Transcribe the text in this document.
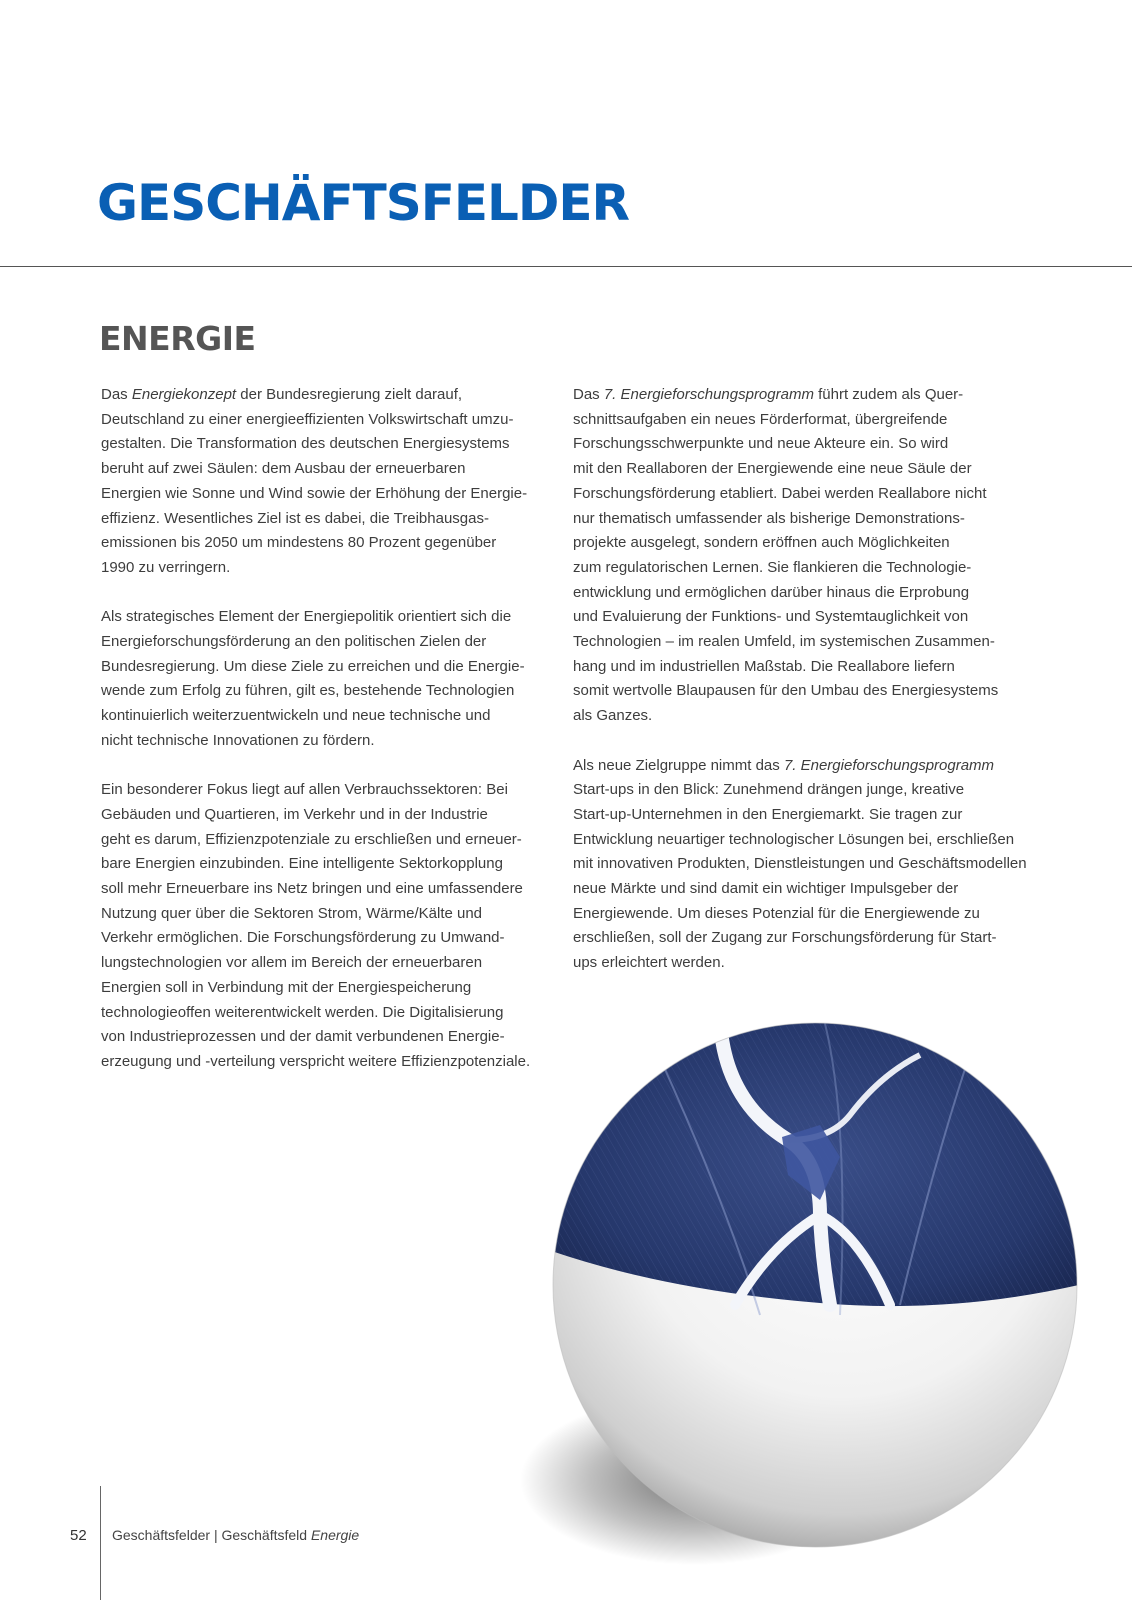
GESCHÄFTSFELDER
ENERGIE

Das Energiekonzept der Bundesregierung zielt darauf,
Deutschland zu einer energieeffizienten Volkswirtschaft umzu-
gestalten. Die Transformation des deutschen Energiesystems
beruht auf zwei Säulen: dem Ausbau der erneuerbaren
Energien wie Sonne und Wind sowie der Erhöhung der Energie-
effizienz. Wesentliches Ziel ist es dabei, die Treibhausgas-
emissionen bis 2050 um mindestens 80 Prozent gegenüber
1990 zu verringern.

Als strategisches Element der Energiepolitik orientiert sich die
Energieforschungsförderung an den politischen Zielen der
Bundesregierung. Um diese Ziele zu erreichen und die Energie-
wende zum Erfolg zu führen, gilt es, bestehende Technologien
kontinuierlich weiterzuentwickeln und neue technische und
nicht technische Innovationen zu fördern.

Ein besonderer Fokus liegt auf allen Verbrauchssektoren: Bei
Gebäuden und Quartieren, im Verkehr und in der Industrie
geht es darum, Effizienzpotenziale zu erschließen und erneuer-
bare Energien einzubinden. Eine intelligente Sektorkopplung
soll mehr Erneuerbare ins Netz bringen und eine umfassendere
Nutzung quer über die Sektoren Strom, Wärme/Kälte und
Verkehr ermöglichen. Die Forschungsförderung zu Umwand-
lungstechnologien vor allem im Bereich der erneuerbaren
Energien soll in Verbindung mit der Energiespeicherung
technologieoffen weiterentwickelt werden. Die Digitalisierung
von Industrieprozessen und der damit verbundenen Energie-
erzeugung und -verteilung verspricht weitere Effizienzpotenziale.

Das 7. Energieforschungsprogramm führt zudem als Quer-
schnittsaufgaben ein neues Förderformat, übergreifende
Forschungsschwerpunkte und neue Akteure ein. So wird
mit den Reallaboren der Energiewende eine neue Säule der
Forschungsförderung etabliert. Dabei werden Reallabore nicht
nur thematisch umfassender als bisherige Demonstrations-
projekte ausgelegt, sondern eröffnen auch Möglichkeiten
zum regulatorischen Lernen. Sie flankieren die Technologie-
entwicklung und ermöglichen darüber hinaus die Erprobung
und Evaluierung der Funktions- und Systemtauglichkeit von
Technologien – im realen Umfeld, im systemischen Zusammen-
hang und im industriellen Maßstab. Die Reallabore liefern
somit wertvolle Blaupausen für den Umbau des Energiesystems
als Ganzes.

Als neue Zielgruppe nimmt das 7. Energieforschungsprogramm
Start-ups in den Blick: Zunehmend drängen junge, kreative
Start-up-Unternehmen in den Energiemarkt. Sie tragen zur
Entwicklung neuartiger technologischer Lösungen bei, erschließen
mit innovativen Produkten, Dienstleistungen und Geschäftsmodellen
neue Märkte und sind damit ein wichtiger Impulsgeber der
Energiewende. Um dieses Potenzial für die Energiewende zu
erschließen, soll der Zugang zur Forschungsförderung für Start-
ups erleichtert werden.

52 Geschäftsfelder | Geschäftsfeld Energie
